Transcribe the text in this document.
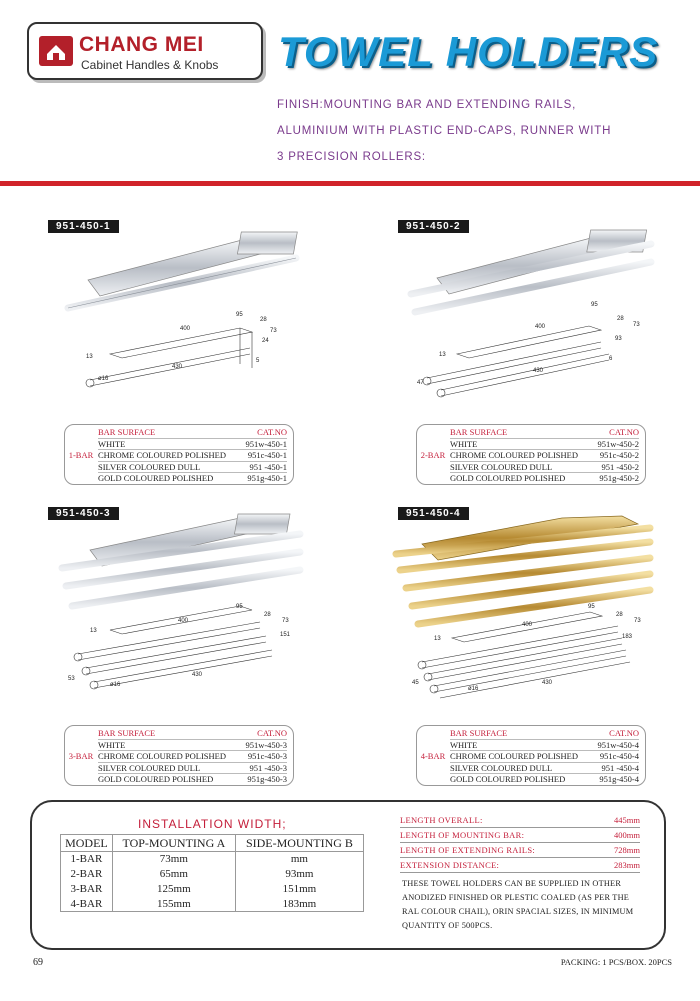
CHANG MEI
Cabinet Handles & Knobs TOWEL HOLDERS
FINISH:MOUNTING BAR AND EXTENDING RAILS,
ALUMINIUM WITH PLASTIC END-CAPS, RUNNER WITH
3 PRECISION ROLLERS:
951-450-1	951-450-2
951-450-3	951-450-4
400
95
28
73
24
13
5
430
ø16
400
95
28
73
93
13
47
430
6
400
95
28
73
151
13
53
430
ø16
400
95
28
73
183
13
45	430
ø16
1-BAR
BAR SURFACE	CAT.NO
WHITE	951w-450-1
CHROME COLOURED POLISHED	951c-450-1
SILVER COLOURED DULL	951 -450-1
GOLD COLOURED POLISHED	951g-450-1
2-BAR
BAR SURFACE	CAT.NO
WHITE	951w-450-2
CHROME COLOURED POLISHED	951c-450-2
SILVER COLOURED DULL	951 -450-2
GOLD COLOURED POLISHED	951g-450-2
3-BAR
BAR SURFACE	CAT.NO
WHITE	951w-450-3
CHROME COLOURED POLISHED	951c-450-3
SILVER COLOURED DULL	951 -450-3
GOLD COLOURED POLISHED	951g-450-3
4-BAR
BAR SURFACE	CAT.NO
WHITE	951w-450-4
CHROME COLOURED POLISHED	951c-450-4
SILVER COLOURED DULL	951 -450-4
GOLD COLOURED POLISHED	951g-450-4
INSTALLATION WIDTH;
MODEL	TOP-MOUNTING A	SIDE-MOUNTING B
1-BAR	73mm	mm
2-BAR	65mm	93mm
3-BAR	125mm	151mm
4-BAR	155mm	183mm
LENGTH OVERALL:	445mm
LENGTH OF MOUNTING BAR:	400mm
LENGTH OF EXTENDING RAILS:	728mm
EXTENSION DISTANCE:	283mm
THESE TOWEL HOLDERS CAN BE SUPPLIED IN OTHER ANODIZED FINISHED OR PLESTIC COALED (AS PER THE RAL COLOUR CHAIL), ORIN SPACIAL SIZES, IN MINIMUM QUANTITY OF 500PCS.
69	PACKING: 1 PCS/BOX. 20PCS
